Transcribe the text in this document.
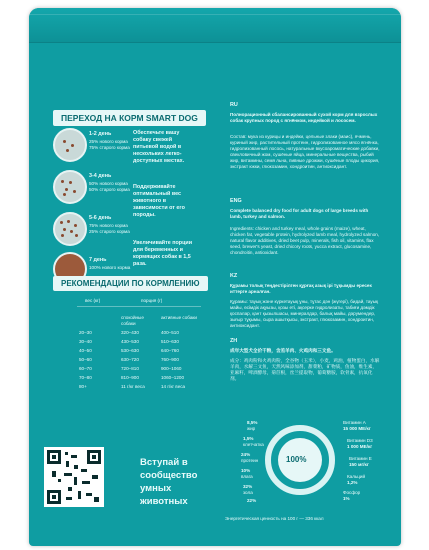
ПЕРЕХОД НА КОРМ SMART DOG
1-2 день
25% нового корма
75% старого корма
3-4 день
50% нового корма
50% старого корма
5-6 день
75% нового корма
25% старого корма
7 день
100% нового корма
Обеспечьте вашу собаку свежей питьевой водой в нескольких легко-доступных местах.
Поддерживайте оптимальный вес животного в зависимости от его породы.
Увеличивайте порции для беременных и кормящих собак в 1,5 раза.
РЕКОМЕНДАЦИИ ПО КОРМЛЕНИЮ
вес (кг)	порция (г)
спокойные собаки
активные собаки
20–30	320–430	400–510
30–40	430–530	510–630
40–50	530–630	640–760
50–60	630–720	760–900
60–70	720–810	900–1060
70–80	810–900	1060–1200
80+	11 г/кг веса	14 г/кг веса
RU
Полнорационный сбалансированный сухой корм для взрослых собак крупных пород с ягнёнком, индейкой и лососем.
Состав: мука из курицы и индейки, цельные злаки (маис), ячмень, куриный жир, растительный протеин, гидролизованное мясо ягнёнка, гидролизованный лосось, натуральные вкусоароматические добавки, свекловичный жом, сушёные яйца, минеральные вещества, рыбий жир, витамины, семя льна, пивные дрожжи, сушёные плоды цикория, экстракт юкки, глюкозамин, хондроитин, антиоксидант.
ENG
Complete balanced dry food for adult dogs of large breeds with lamb, turkey and salmon.
Ingredients: chicken and turkey meal, whole grains (maize), wheat, chicken fat, vegetable protein, hydrolyzed lamb meal, hydrolyzed salmon, natural flavor additives, dried beet pulp, minerals, fish oil, vitamins, flax seed, brewer's yeast, dried chicory roots, yucca extract, glucosamine, chondroitin, antioxidant.
KZ
Құрамы толық теңдестірілген құрғақ азық ірі тұқымды ересек иттерге арналған.
Құрамы: тауық және күркетауық ұны, тұтас дән (жүгері), бидай, тауық майы, өсімдік ақуызы, қозы еті, ақсерке гидролизаты, табиғи дәмдік қоспалар, қант қызылшасы, минералдар, балық майы, дәрумендер, зығыр тұқымы, сыра ашытқысы, экстракт, глюкозамин, хондроитин, антиоксидант.
ZH
成年大型犬全价干粮，含羔羊肉、火鸡肉和三文鱼。
成分：鸡肉粉和火鸡肉粉，全谷物（玉米），小麦，鸡油，植物蛋白，水解羊肉，水解三文鱼，天然风味添加剂，甜菜粕，矿物质，鱼油，维生素，亚麻籽，啤酒酵母，菊苣根，丝兰提取物，葡萄糖胺，软骨素，抗氧化剂。
100%
8,5%
жир
1,5%
клетчатка
24%
протеин
10%
влага
32%
зола
22%
Витамин А
15 000 МЕ/кг
Витамин D3
1 000 МЕ/кг
Витамин Е
150 мг/кг
Кальций
1,2%
Фосфор
1%
Энергетическая ценность на 100 г — 336 ккал
Вступай в сообщество умных животных
